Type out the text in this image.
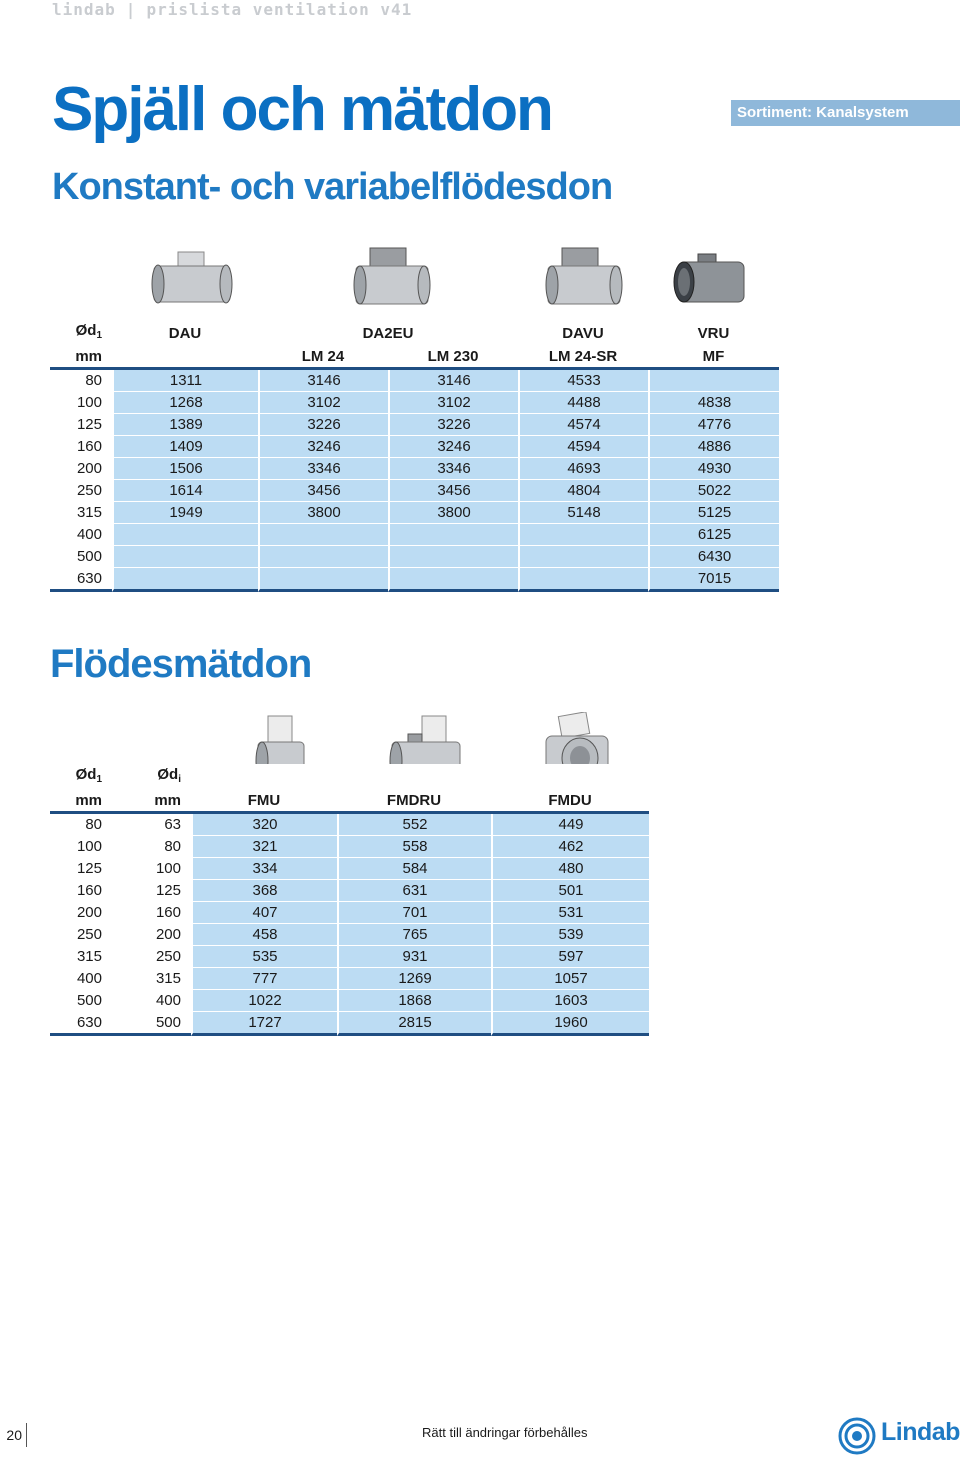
lindab | prislista ventilation v41
Spjäll och mätdon	Sortiment: Kanalsystem
Konstant- och variabelflödesdon
$Ød_1$	DAU	DA2EU		DAVU	VRU
mm		LM 24	LM 230	LM 24-SR	MF
80	1311	3146	3146	4533	
100	1268	3102	3102	4488	4838
125	1389	3226	3226	4574	4776
160	1409	3246	3246	4594	4886
200	1506	3346	3346	4693	4930
250	1614	3456	3456	4804	5022
315	1949	3800	3800	5148	5125
400					6125
500					6430
630					7015
Flödesmätdon
$Ød_1$	$Ød_i$			
mm	mm	FMU	FMDRU	FMDU
80	63	320	552	449
100	80	321	558	462
125	100	334	584	480
160	125	368	631	501
200	160	407	701	531
250	200	458	765	539
315	250	535	931	597
400	315	777	1269	1057
500	400	1022	1868	1603
630	500	1727	2815	1960
20	Rätt till ändringar förbehålles	Lindab
